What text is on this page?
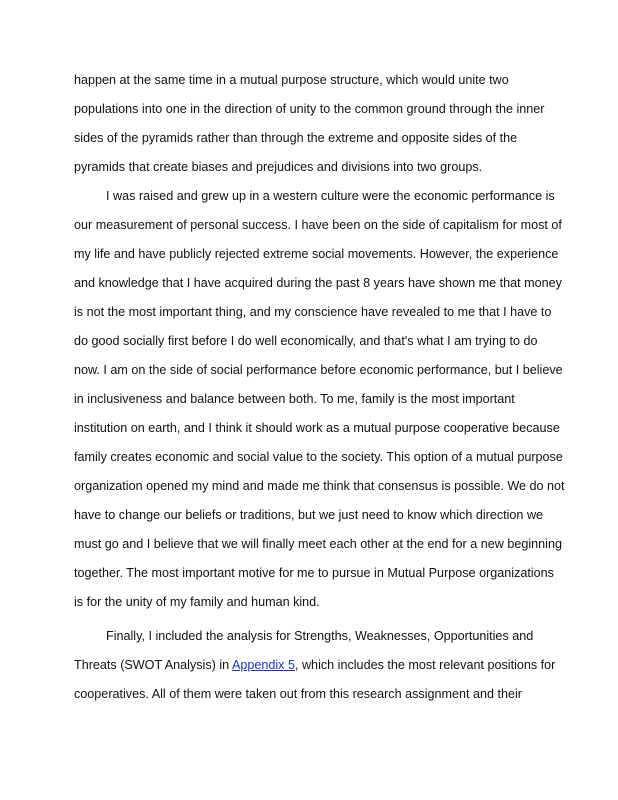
happen at the same time in a mutual purpose structure, which would unite two
populations into one in the direction of unity to the common ground through the inner
sides of the pyramids rather than through the extreme and opposite sides of the
pyramids that create biases and prejudices and divisions into two groups.
I was raised and grew up in a western culture were the economic performance is
our measurement of personal success. I have been on the side of capitalism for most of
my life and have publicly rejected extreme social movements. However, the experience
and knowledge that I have acquired during the past 8 years have shown me that money
is not the most important thing, and my conscience have revealed to me that I have to
do good socially first before I do well economically, and that's what I am trying to do
now. I am on the side of social performance before economic performance, but I believe
in inclusiveness and balance between both. To me, family is the most important
institution on earth, and I think it should work as a mutual purpose cooperative because
family creates economic and social value to the society. This option of a mutual purpose
organization opened my mind and made me think that consensus is possible. We do not
have to change our beliefs or traditions, but we just need to know which direction we
must go and I believe that we will finally meet each other at the end for a new beginning
together. The most important motive for me to pursue in Mutual Purpose organizations
is for the unity of my family and human kind.
Finally, I included the analysis for Strengths, Weaknesses, Opportunities and
Threats (SWOT Analysis) in Appendix 5, which includes the most relevant positions for
cooperatives. All of them were taken out from this research assignment and their
